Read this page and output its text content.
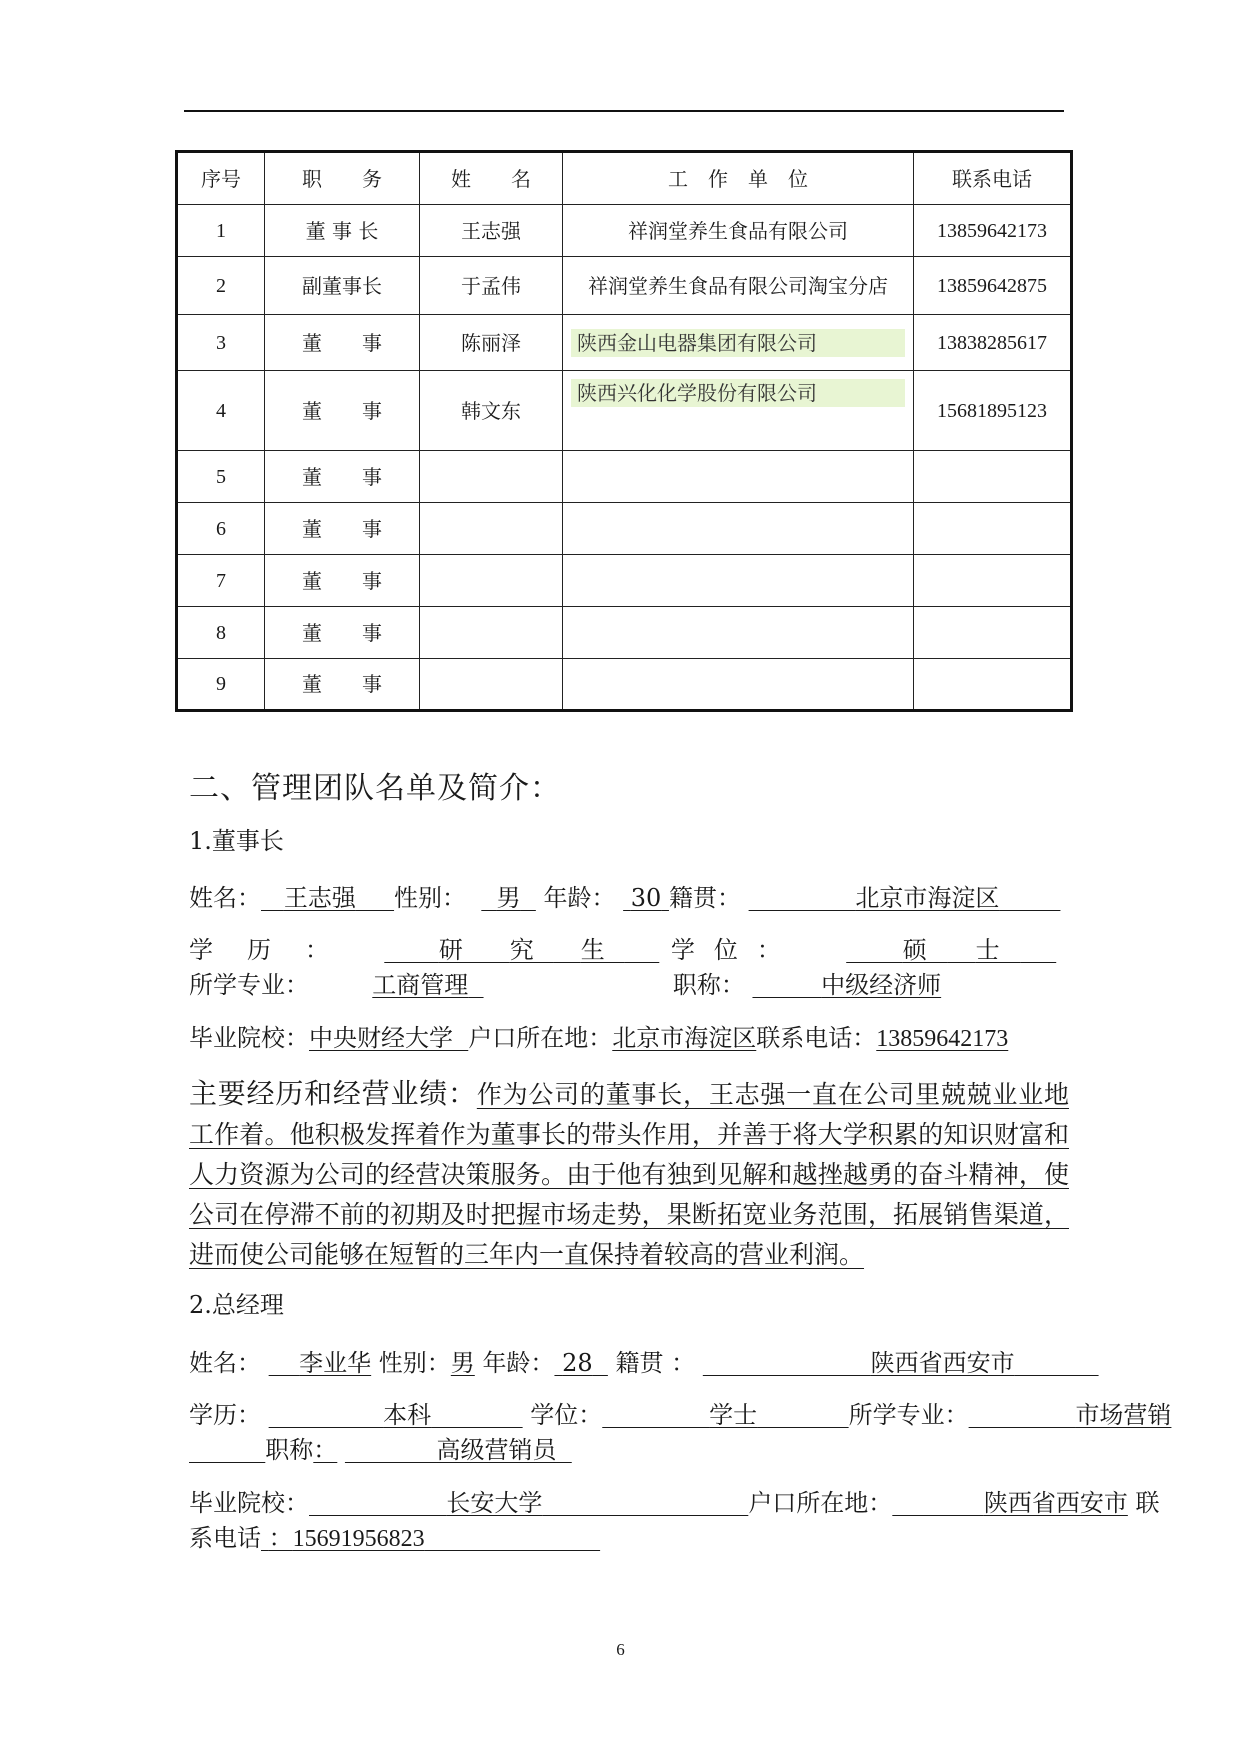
序号	职　　务	姓　　名	工　作　单　位	联系电话
1	董 事 长	王志强	祥润堂养生食品有限公司	13859642173
2	副董事长	于孟伟	祥润堂养生食品有限公司淘宝分店	13859642875
3	董　　事	陈丽泽	陕西金山电器集团有限公司	13838285617
4	董　　事	韩文东	陕西兴化化学股份有限公司	15681895123
5	董　　事			
6	董　　事			
7	董　　事			
8	董　　事			
9	董　　事			
二、管理团队名单及简介：
1.董事长
姓名： 王志强 性别： 男 年龄： 30 籍贯：	北京市海淀区
学 历 ：	研 究 生 学 位 ：	硕 士
所学专业：	工商管理	职称：	中级经济师
毕业院校：中央财经大学 户口所在地：北京市海淀区联系电话：13859642173
主要经历和经营业绩：作为公司的董事长，王志强一直在公司里兢兢业业地工作着。他积极发挥着作为董事长的带头作用，并善于将大学积累的知识财富和人力资源为公司的经营决策服务。由于他有独到见解和越挫越勇的奋斗精神，使公司在停滞不前的初期及时把握市场走势，果断拓宽业务范围，拓展销售渠道，进而使公司能够在短暂的三年内一直保持着较高的营业利润。
2.总经理
姓名： 李业华 性别：男 年龄： 28 籍贯 ：	陕西省西安市
学历：	本科	学位：	学士	所学专业：	市场营销
职称：	高级营销员
毕业院校：	长安大学	户口所在地：	陕西省西安市 联
系电话 ：15691956823
6
